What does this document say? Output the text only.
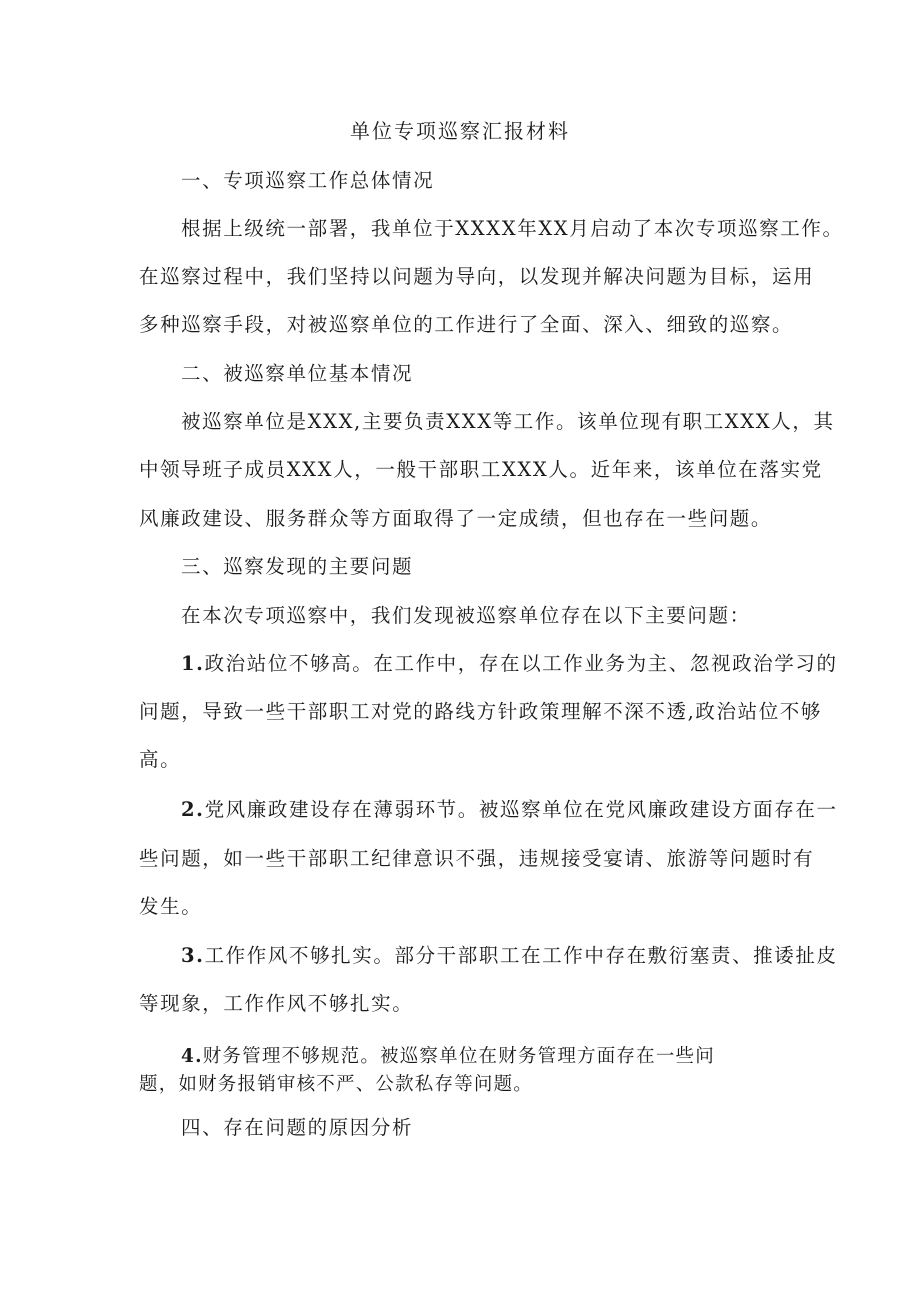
单位专项巡察汇报材料
一、专项巡察工作总体情况
根据上级统一部署，我单位于XXXX年XX月启动了本次专项巡察工作。
在巡察过程中，我们坚持以问题为导向，以发现并解决问题为目标，运用
多种巡察手段，对被巡察单位的工作进行了全面、深入、细致的巡察。
二、被巡察单位基本情况
被巡察单位是XXX,主要负责XXX等工作。该单位现有职工XXX人，其
中领导班子成员XXX人，一般干部职工XXX人。近年来，该单位在落实党
风廉政建设、服务群众等方面取得了一定成绩，但也存在一些问题。
三、巡察发现的主要问题
在本次专项巡察中，我们发现被巡察单位存在以下主要问题：
1.政治站位不够高。在工作中，存在以工作业务为主、忽视政治学习的
问题，导致一些干部职工对党的路线方针政策理解不深不透,政治站位不够
高。
2.党风廉政建设存在薄弱环节。被巡察单位在党风廉政建设方面存在一
些问题，如一些干部职工纪律意识不强，违规接受宴请、旅游等问题时有
发生。
3.工作作风不够扎实。部分干部职工在工作中存在敷衍塞责、推诿扯皮
等现象，工作作风不够扎实。
4.财务管理不够规范。被巡察单位在财务管理方面存在一些问
题，如财务报销审核不严、公款私存等问题。
四、存在问题的原因分析
